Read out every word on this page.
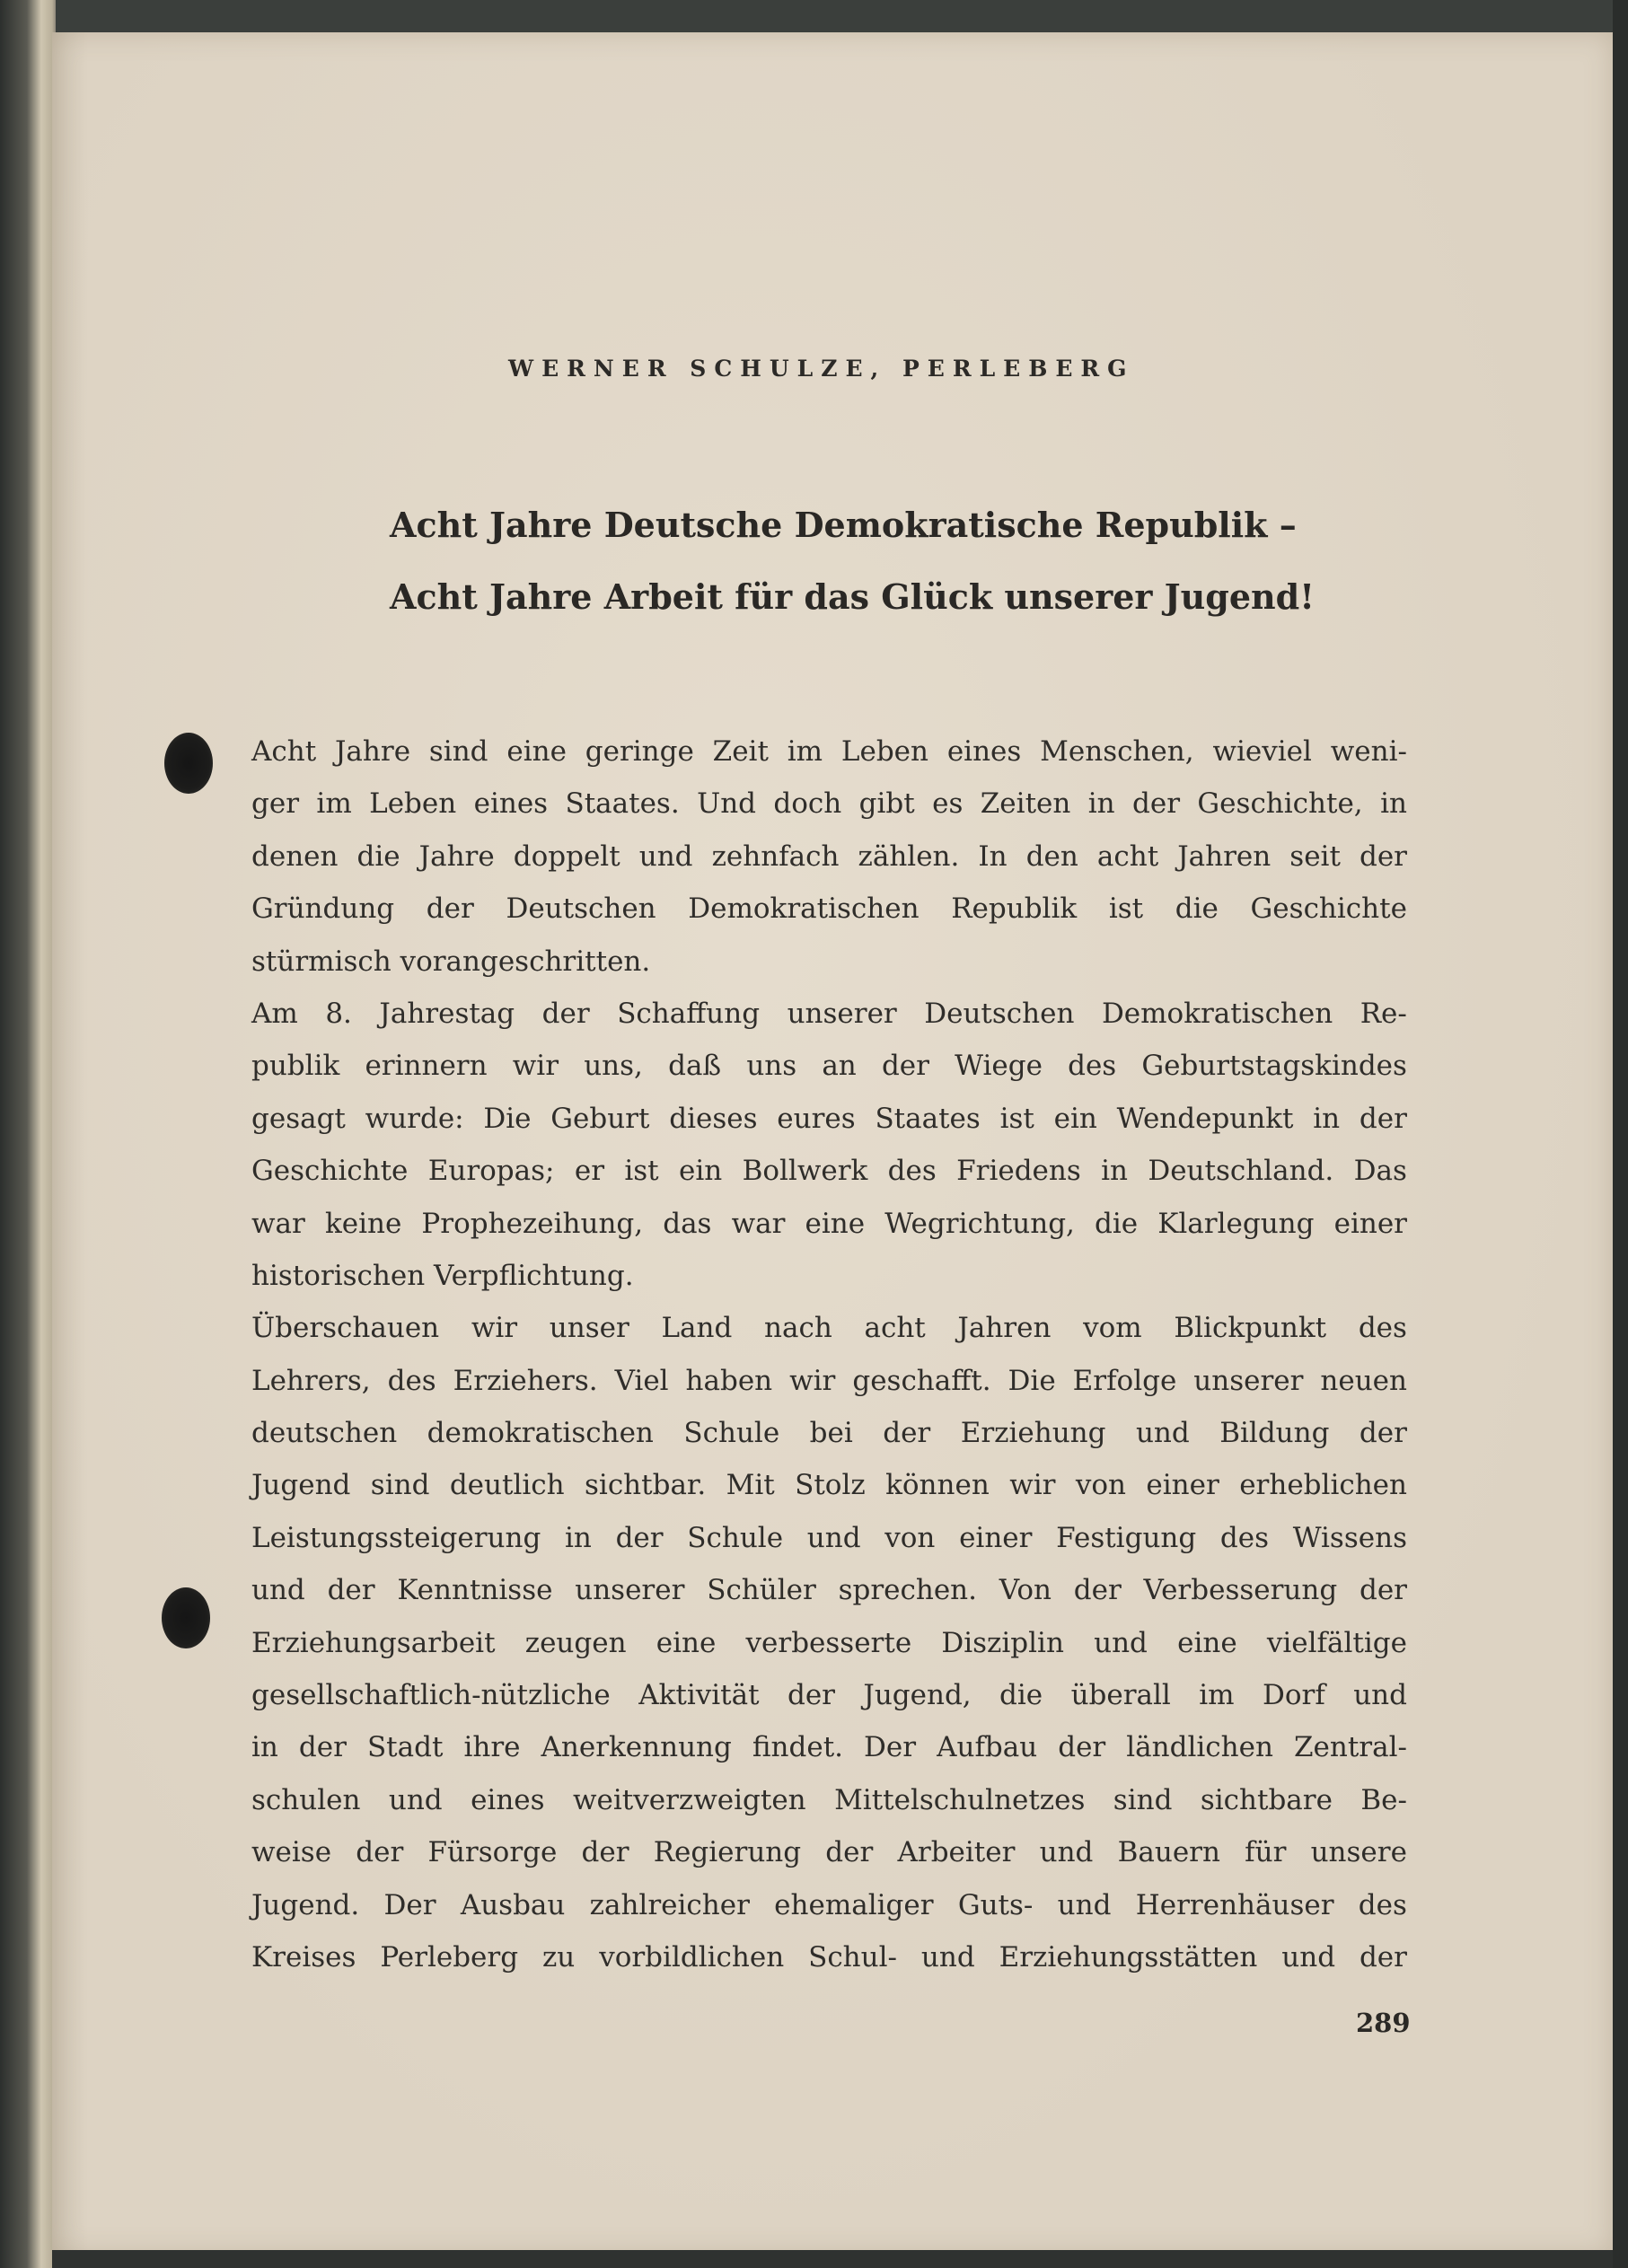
WERNER SCHULZE, PERLEBERG
Acht Jahre Deutsche Demokratische Republik –
Acht Jahre Arbeit für das Glück unserer Jugend!
Acht Jahre sind eine geringe Zeit im Leben eines Menschen, wieviel weni-
ger im Leben eines Staates. Und doch gibt es Zeiten in der Geschichte, in
denen die Jahre doppelt und zehnfach zählen. In den acht Jahren seit der
Gründung der Deutschen Demokratischen Republik ist die Geschichte
stürmisch vorangeschritten.
Am 8. Jahrestag der Schaffung unserer Deutschen Demokratischen Re-
publik erinnern wir uns, daß uns an der Wiege des Geburtstagskindes
gesagt wurde: Die Geburt dieses eures Staates ist ein Wendepunkt in der
Geschichte Europas; er ist ein Bollwerk des Friedens in Deutschland. Das
war keine Prophezeihung, das war eine Wegrichtung, die Klarlegung einer
historischen Verpflichtung.
Überschauen wir unser Land nach acht Jahren vom Blickpunkt des
Lehrers, des Erziehers. Viel haben wir geschafft. Die Erfolge unserer neuen
deutschen demokratischen Schule bei der Erziehung und Bildung der
Jugend sind deutlich sichtbar. Mit Stolz können wir von einer erheblichen
Leistungssteigerung in der Schule und von einer Festigung des Wissens
und der Kenntnisse unserer Schüler sprechen. Von der Verbesserung der
Erziehungsarbeit zeugen eine verbesserte Disziplin und eine vielfältige
gesellschaftlich-nützliche Aktivität der Jugend, die überall im Dorf und
in der Stadt ihre Anerkennung findet. Der Aufbau der ländlichen Zentral-
schulen und eines weitverzweigten Mittelschulnetzes sind sichtbare Be-
weise der Fürsorge der Regierung der Arbeiter und Bauern für unsere
Jugend. Der Ausbau zahlreicher ehemaliger Guts- und Herrenhäuser des
Kreises Perleberg zu vorbildlichen Schul- und Erziehungsstätten und der
289
